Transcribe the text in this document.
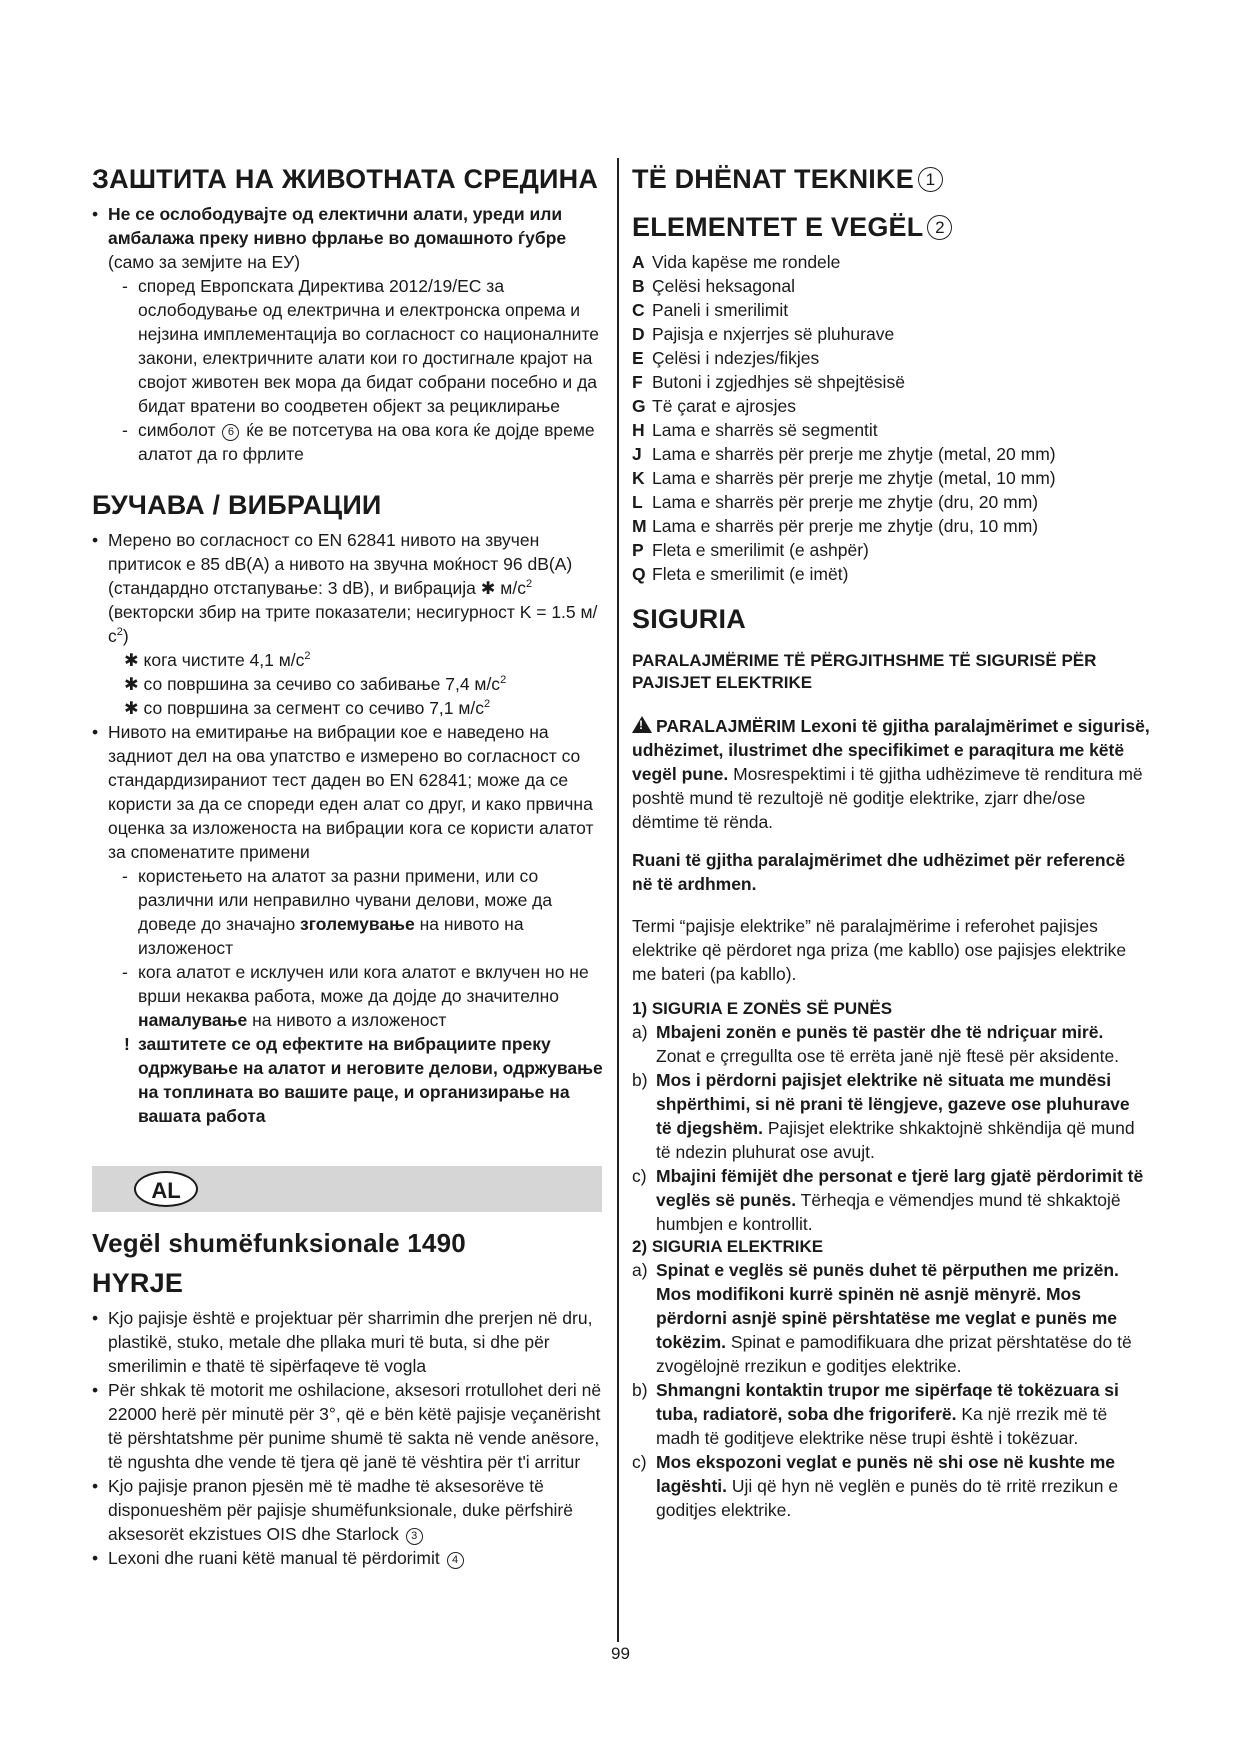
ЗАШТИТА НА ЖИВОТНАТА СРЕДИНА
• Не се ослободувајте од електични алати, уреди или амбалажа преку нивно фрлање во домашното ѓубре (само за земјите на ЕУ)
- според Европската Директива 2012/19/ЕС за ослободување од електрична и електронска опрема и нејзина имплементација во согласност со националните закони, електричните алати кои го достигнале крајот на својот животен век мора да бидат собрани посебно и да бидат вратени во соодветен објект за рециклирање
- симболот 6 ќе ве потсетува на ова кога ќе дојде време алатот да го фрлите
БУЧАВА / ВИБРАЦИИ
• Мерено во согласност со EN 62841 нивото на звучен притисок е 85 dB(A) а нивото на звучна моќност 96 dB(A) (стандардно отстапување: 3 dB), и вибрација ✱ $м/с^2$ (векторски збир на трите показатели; несигурност K = 1.5 $м/с^2$)
✱ кога чистите 4,1 $м/с^2$
✱ со површина за сечиво со забивање 7,4 $м/с^2$
✱ со површина за сегмент со сечиво 7,1 $м/с^2$
• Нивото на емитирање на вибрации кое е наведено на задниот дел на ова упатство е измерено во согласност со стандардизираниот тест даден во EN 62841; може да се користи за да се спореди еден алат со друг, и како првична оценка за изложеноста на вибрации кога се користи алатот за споменатите примени
- користењето на алатот за разни примени, или со различни или неправилно чувани делови, може да доведе до значајно зголемување на нивото на изложеност
- кога алатот е исклучен или кога алатот е вклучен но не врши некаква работа, може да дојде до значително намалување на нивото а изложеност
! заштитете се од ефектите на вибрациите преку одржување на алатот и неговите делови, одржување на топлината во вашите раце, и организирање на вашата работа
AL
Vegël shumëfunksionale 1490
HYRJE
• Kjo pajisje është e projektuar për sharrimin dhe prerjen në dru, plastikë, stuko, metale dhe pllaka muri të buta, si dhe për smerilimin e thatë të sipërfaqeve të vogla
• Për shkak të motorit me oshilacione, aksesori rrotullohet deri në 22000 herë për minutë për 3°, që e bën këtë pajisje veçanërisht të përshtatshme për punime shumë të sakta në vende anësore, të ngushta dhe vende të tjera që janë të vështira për t'i arritur
• Kjo pajisje pranon pjesën më të madhe të aksesorëve të disponueshëm për pajisje shumëfunksionale, duke përfshirë aksesorët ekzistues OIS dhe Starlock 3
• Lexoni dhe ruani këtë manual të përdorimit 4
TË DHËNAT TEKNIKE 1
ELEMENTET E VEGËL 2
A Vida kapëse me rondele
B Çelësi heksagonal
C Paneli i smerilimit
D Pajisja e nxjerrjes së pluhurave
E Çelësi i ndezjes/fikjes
F Butoni i zgjedhjes së shpejtësisë
G Të çarat e ajrosjes
H Lama e sharrës së segmentit
J Lama e sharrës për prerje me zhytje (metal, 20 mm)
K Lama e sharrës për prerje me zhytje (metal, 10 mm)
L Lama e sharrës për prerje me zhytje (dru, 20 mm)
M Lama e sharrës për prerje me zhytje (dru, 10 mm)
P Fleta e smerilimit (e ashpër)
Q Fleta e smerilimit (e imët)
SIGURIA
PARALAJMËRIME TË PËRGJITHSHME TË SIGURISË PËR PAJISJET ELEKTRIKE

!PARALAJMËRIM Lexoni të gjitha paralajmërimet e sigurisë, udhëzimet, ilustrimet dhe specifikimet e paraqitura me këtë vegël pune. Mosrespektimi i të gjitha udhëzimeve të renditura më poshtë mund të rezultojë në goditje elektrike, zjarr dhe/ose dëmtime të rënda.

Ruani të gjitha paralajmërimet dhe udhëzimet për referencë në të ardhmen.

Termi “pajisje elektrike” në paralajmërime i referohet pajisjes elektrike që përdoret nga priza (me kabllo) ose pajisjes elektrike me bateri (pa kabllo).

1) SIGURIA E ZONËS SË PUNËS
a) Mbajeni zonën e punës të pastër dhe të ndriçuar mirë. Zonat e çrregullta ose të errëta janë një ftesë për aksidente.
b) Mos i përdorni pajisjet elektrike në situata me mundësi shpërthimi, si në prani të lëngjeve, gazeve ose pluhurave të djegshëm. Pajisjet elektrike shkaktojnë shkëndija që mund të ndezin pluhurat ose avujt.
c) Mbajini fëmijët dhe personat e tjerë larg gjatë përdorimit të veglës së punës. Tërheqja e vëmendjes mund të shkaktojë humbjen e kontrollit.
2) SIGURIA ELEKTRIKE
a) Spinat e veglës së punës duhet të përputhen me prizën. Mos modifikoni kurrë spinën në asnjë mënyrë. Mos përdorni asnjë spinë përshtatëse me veglat e punës me tokëzim. Spinat e pamodifikuara dhe prizat përshtatëse do të zvogëlojnë rrezikun e goditjes elektrike.
b) Shmangni kontaktin trupor me sipërfaqe të tokëzuara si tuba, radiatorë, soba dhe frigoriferë. Ka një rrezik më të madh të goditjeve elektrike nëse trupi është i tokëzuar.
c) Mos ekspozoni veglat e punës në shi ose në kushte me lagështi. Uji që hyn në veglën e punës do të rritë rrezikun e goditjes elektrike.
99
